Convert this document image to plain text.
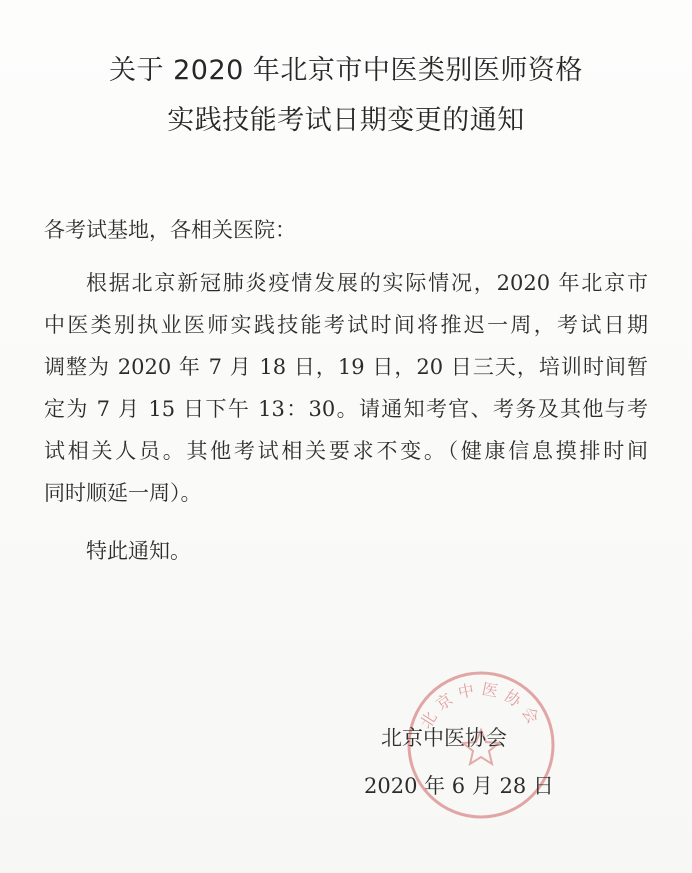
关于 2020 年北京市中医类别医师资格
实践技能考试日期变更的通知
各考试基地，各相关医院：
根据北京新冠肺炎疫情发展的实际情况，2020 年北京市
中医类别执业医师实践技能考试时间将推迟一周，考试日期
调整为 2020 年 7 月 18 日，19 日，20 日三天，培训时间暂
定为 7 月 15 日下午 13：30。请通知考官、考务及其他与考
试相关人员。其他考试相关要求不变。（健康信息摸排时间
同时顺延一周）。
特此通知。
北京中医协会
北京中医协会
2020 年 6 月 28 日
